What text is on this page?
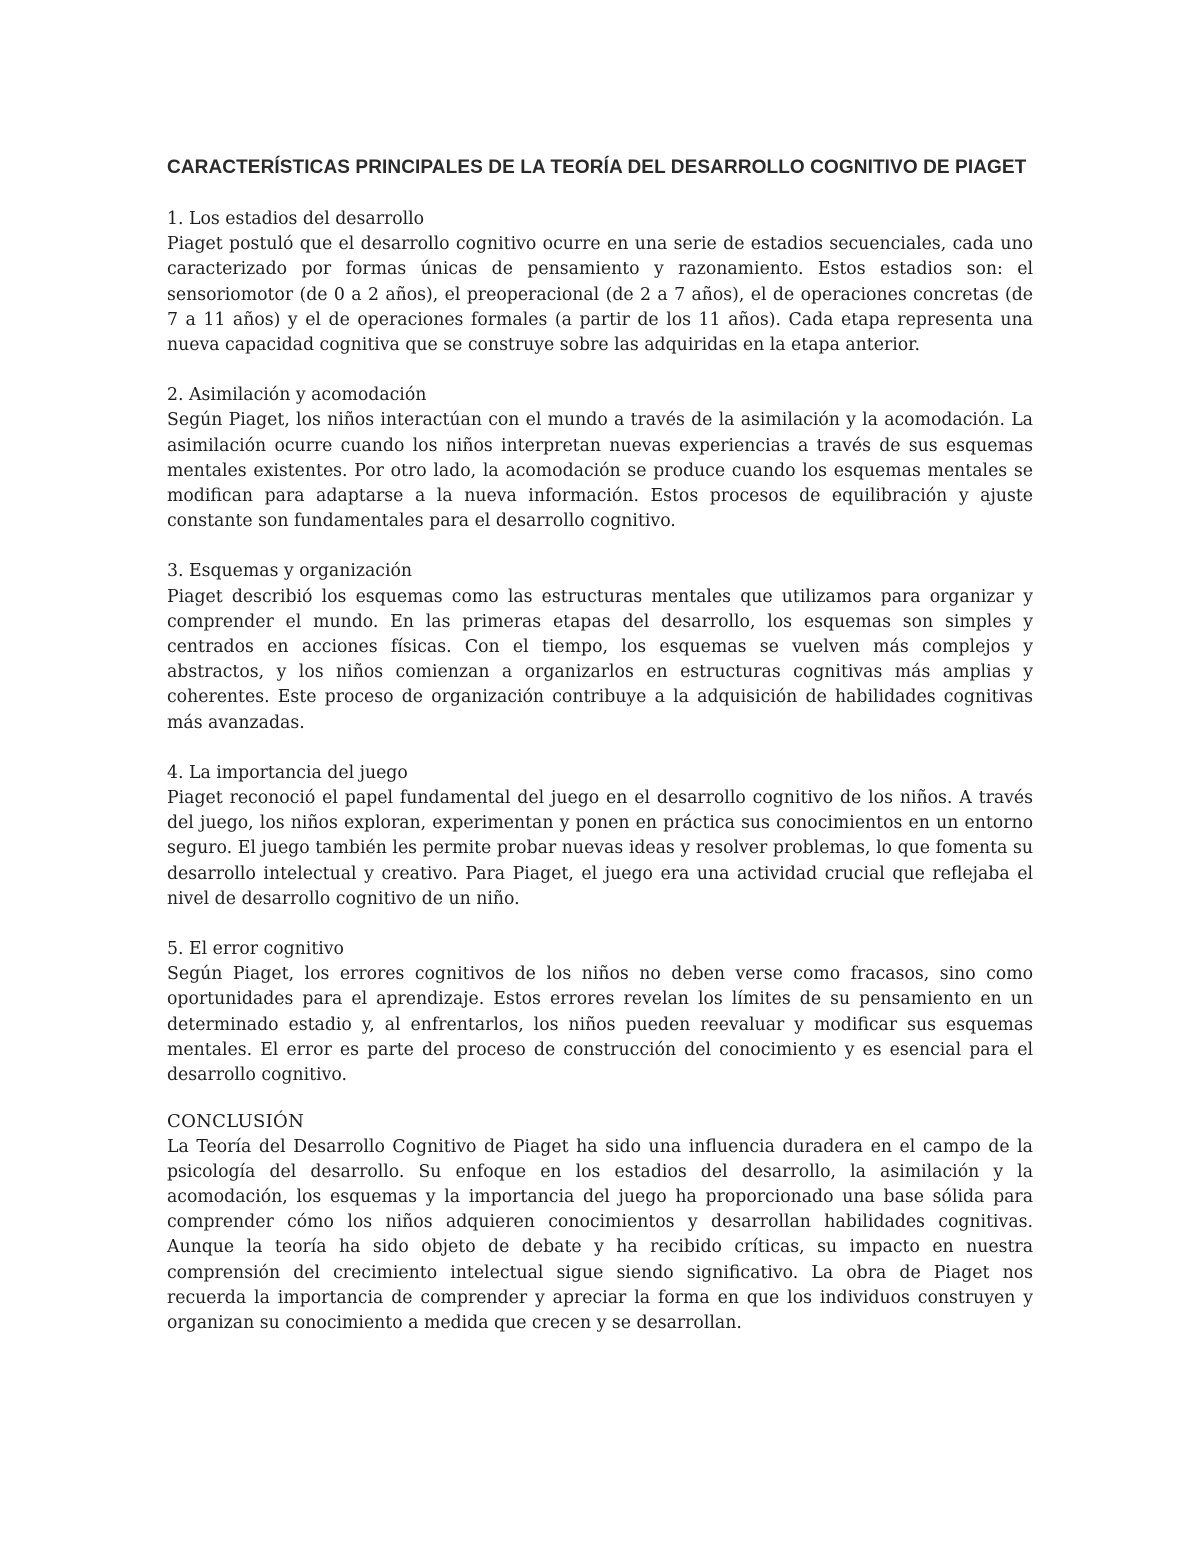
CARACTERÍSTICAS PRINCIPALES DE LA TEORÍA DEL DESARROLLO COGNITIVO DE PIAGET

1. Los estadios del desarrollo

Piaget postuló que el desarrollo cognitivo ocurre en una serie de estadios secuenciales, cada uno caracterizado por formas únicas de pensamiento y razonamiento. Estos estadios son: el sensoriomotor (de 0 a 2 años), el preoperacional (de 2 a 7 años), el de operaciones concretas (de 7 a 11 años) y el de operaciones formales (a partir de los 11 años). Cada etapa representa una nueva capacidad cognitiva que se construye sobre las adquiridas en la etapa anterior.

2. Asimilación y acomodación

Según Piaget, los niños interactúan con el mundo a través de la asimilación y la acomodación. La asimilación ocurre cuando los niños interpretan nuevas experiencias a través de sus esquemas mentales existentes. Por otro lado, la acomodación se produce cuando los esquemas mentales se modifican para adaptarse a la nueva información. Estos procesos de equilibración y ajuste constante son fundamentales para el desarrollo cognitivo.

3. Esquemas y organización

Piaget describió los esquemas como las estructuras mentales que utilizamos para organizar y comprender el mundo. En las primeras etapas del desarrollo, los esquemas son simples y centrados en acciones físicas. Con el tiempo, los esquemas se vuelven más complejos y abstractos, y los niños comienzan a organizarlos en estructuras cognitivas más amplias y coherentes. Este proceso de organización contribuye a la adquisición de habilidades cognitivas más avanzadas.

4. La importancia del juego

Piaget reconoció el papel fundamental del juego en el desarrollo cognitivo de los niños. A través del juego, los niños exploran, experimentan y ponen en práctica sus conocimientos en un entorno seguro. El juego también les permite probar nuevas ideas y resolver problemas, lo que fomenta su desarrollo intelectual y creativo. Para Piaget, el juego era una actividad crucial que reflejaba el nivel de desarrollo cognitivo de un niño.

5. El error cognitivo

Según Piaget, los errores cognitivos de los niños no deben verse como fracasos, sino como oportunidades para el aprendizaje. Estos errores revelan los límites de su pensamiento en un determinado estadio y, al enfrentarlos, los niños pueden reevaluar y modificar sus esquemas mentales. El error es parte del proceso de construcción del conocimiento y es esencial para el desarrollo cognitivo.

CONCLUSIÓN

La Teoría del Desarrollo Cognitivo de Piaget ha sido una influencia duradera en el campo de la psicología del desarrollo. Su enfoque en los estadios del desarrollo, la asimilación y la acomodación, los esquemas y la importancia del juego ha proporcionado una base sólida para comprender cómo los niños adquieren conocimientos y desarrollan habilidades cognitivas. Aunque la teoría ha sido objeto de debate y ha recibido críticas, su impacto en nuestra comprensión del crecimiento intelectual sigue siendo significativo. La obra de Piaget nos recuerda la importancia de comprender y apreciar la forma en que los individuos construyen y organizan su conocimiento a medida que crecen y se desarrollan.
